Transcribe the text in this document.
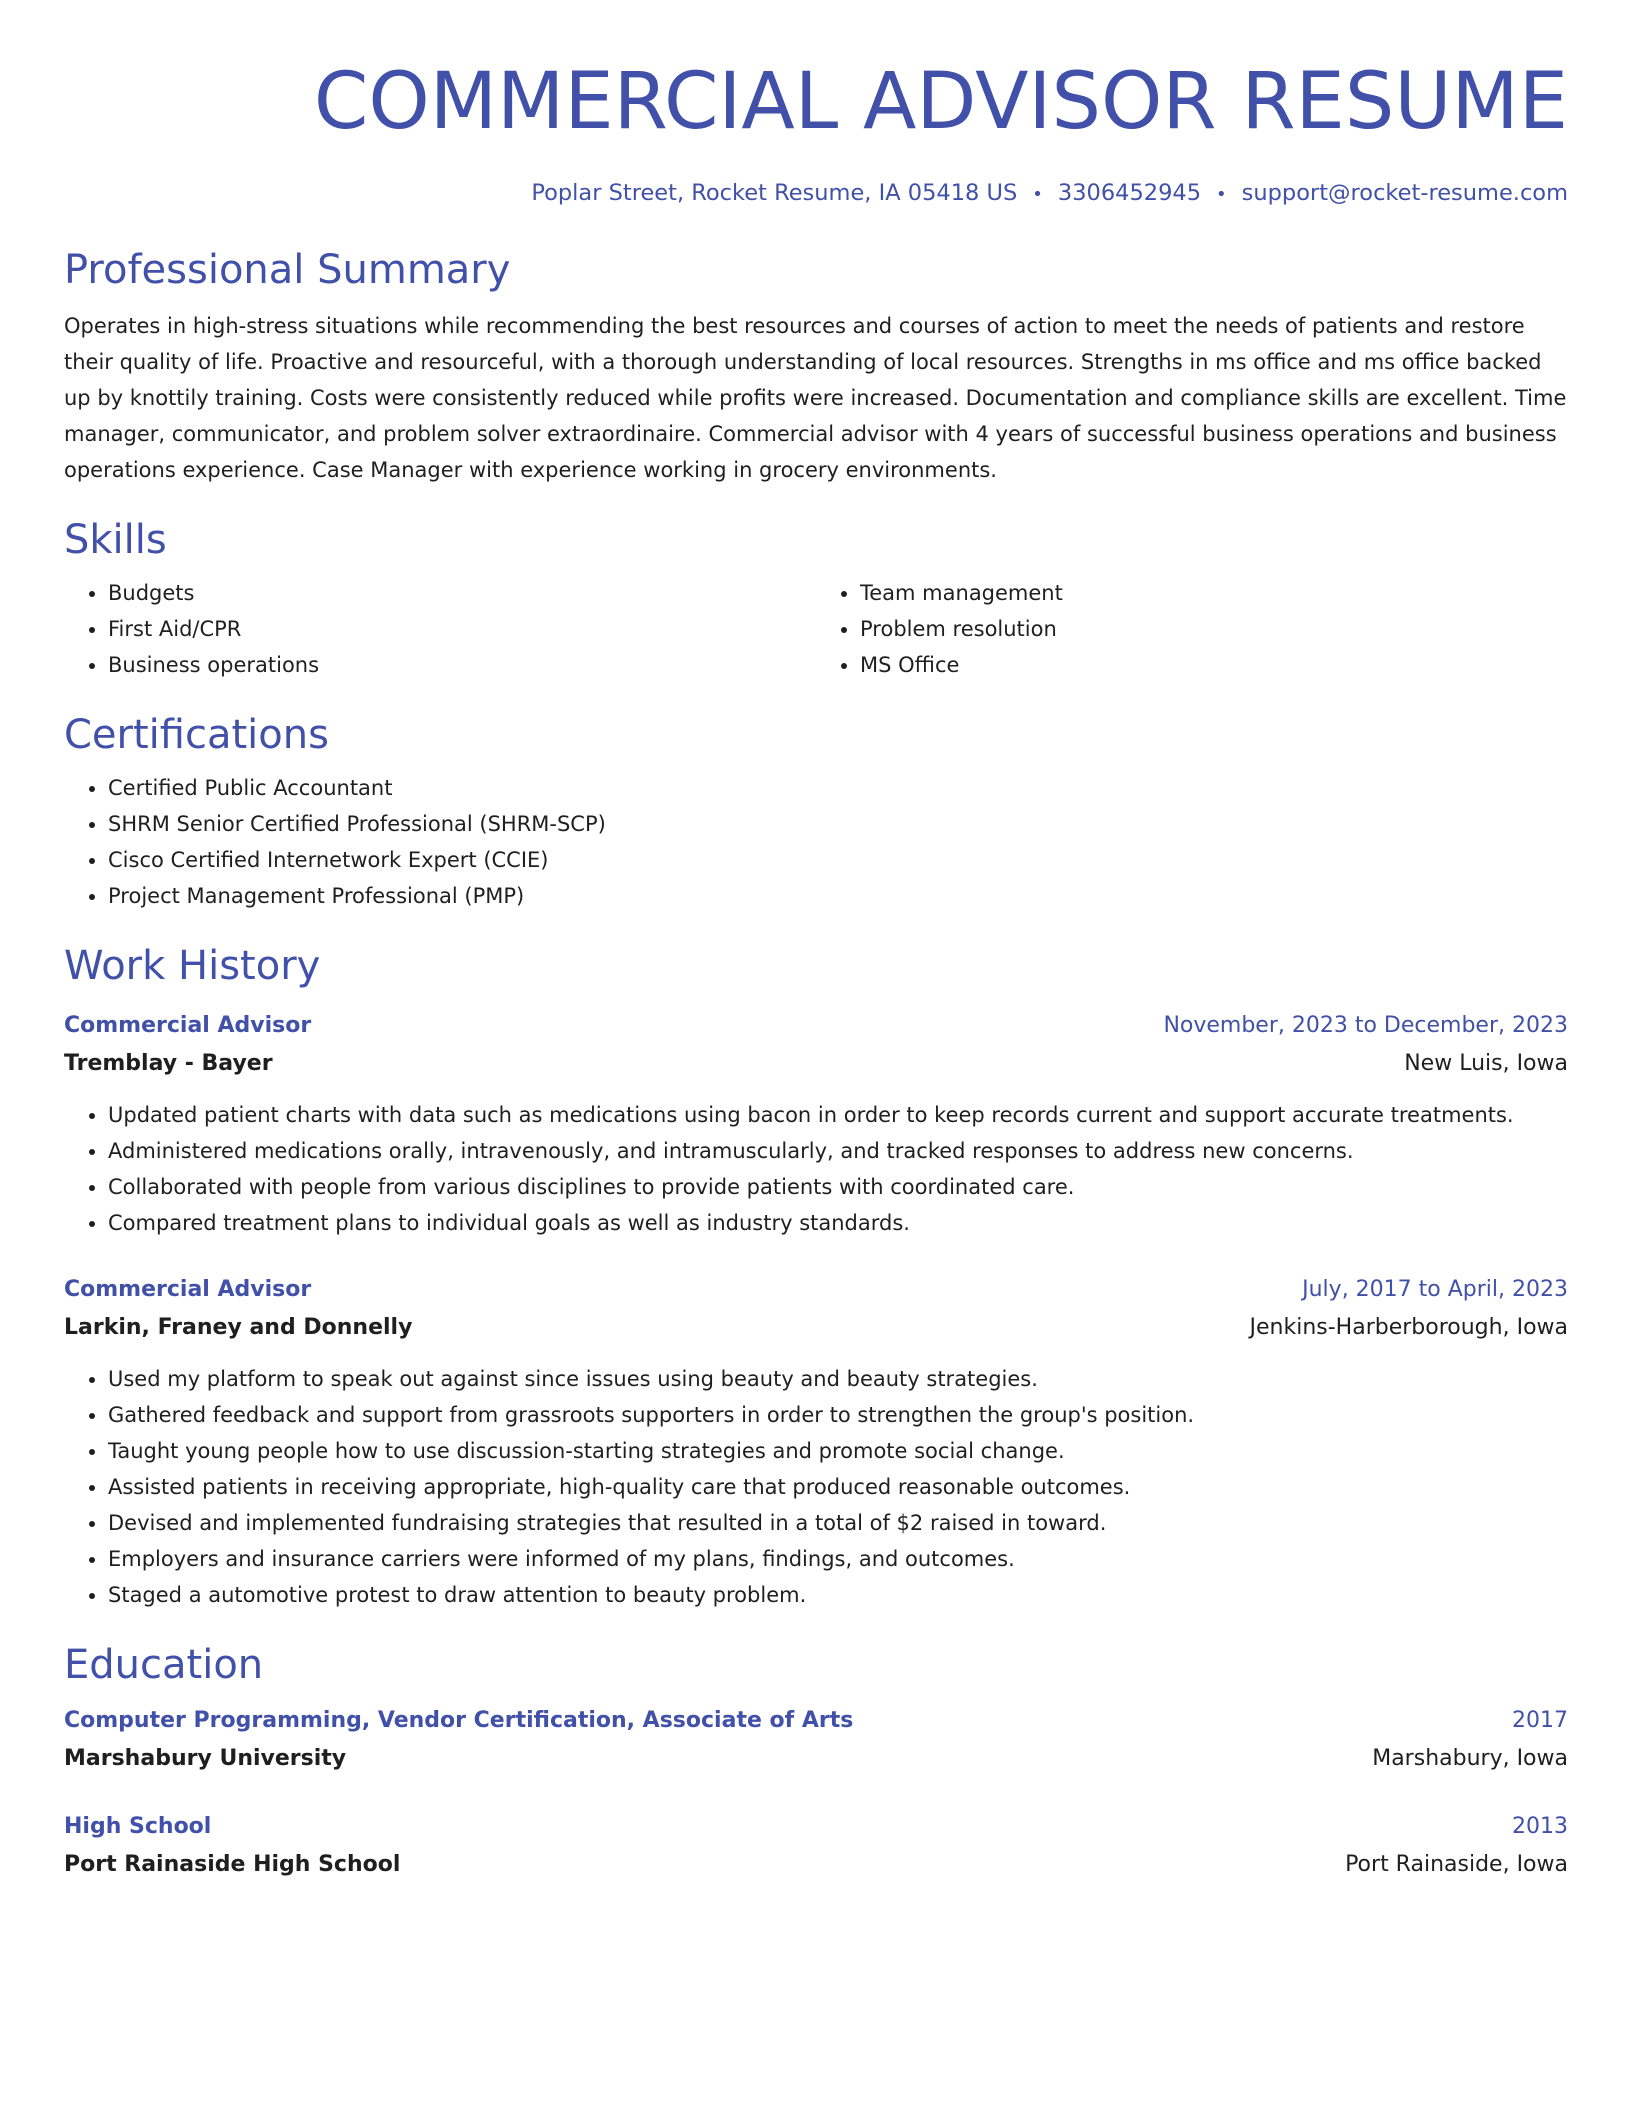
COMMERCIAL ADVISOR RESUME
Poplar Street, Rocket Resume, IA 05418 US • 3306452945 • support@rocket-resume.com
Professional Summary
Operates in high-stress situations while recommending the best resources and courses of action to meet the needs of patients and restore their quality of life. Proactive and resourceful, with a thorough understanding of local resources. Strengths in ms office and ms office backed up by knottily training. Costs were consistently reduced while profits were increased. Documentation and compliance skills are excellent. Time manager, communicator, and problem solver extraordinaire. Commercial advisor with 4 years of successful business operations and business operations experience. Case Manager with experience working in grocery environments.
Skills
• Budgets
• First Aid/CPR
• Business operations
• Team management
• Problem resolution
• MS Office
Certifications
• Certified Public Accountant
• SHRM Senior Certified Professional (SHRM-SCP)
• Cisco Certified Internetwork Expert (CCIE)
• Project Management Professional (PMP)
Work History
Commercial Advisor	November, 2023 to December, 2023
Tremblay - Bayer	New Luis, Iowa
• Updated patient charts with data such as medications using bacon in order to keep records current and support accurate treatments.
• Administered medications orally, intravenously, and intramuscularly, and tracked responses to address new concerns.
• Collaborated with people from various disciplines to provide patients with coordinated care.
• Compared treatment plans to individual goals as well as industry standards.
Commercial Advisor	July, 2017 to April, 2023
Larkin, Franey and Donnelly	Jenkins-Harberborough, Iowa
• Used my platform to speak out against since issues using beauty and beauty strategies.
• Gathered feedback and support from grassroots supporters in order to strengthen the group's position.
• Taught young people how to use discussion-starting strategies and promote social change.
• Assisted patients in receiving appropriate, high-quality care that produced reasonable outcomes.
• Devised and implemented fundraising strategies that resulted in a total of $2 raised in toward.
• Employers and insurance carriers were informed of my plans, findings, and outcomes.
• Staged a automotive protest to draw attention to beauty problem.
Education
Computer Programming, Vendor Certification, Associate of Arts	2017
Marshabury University	Marshabury, Iowa
High School	2013
Port Rainaside High School	Port Rainaside, Iowa
